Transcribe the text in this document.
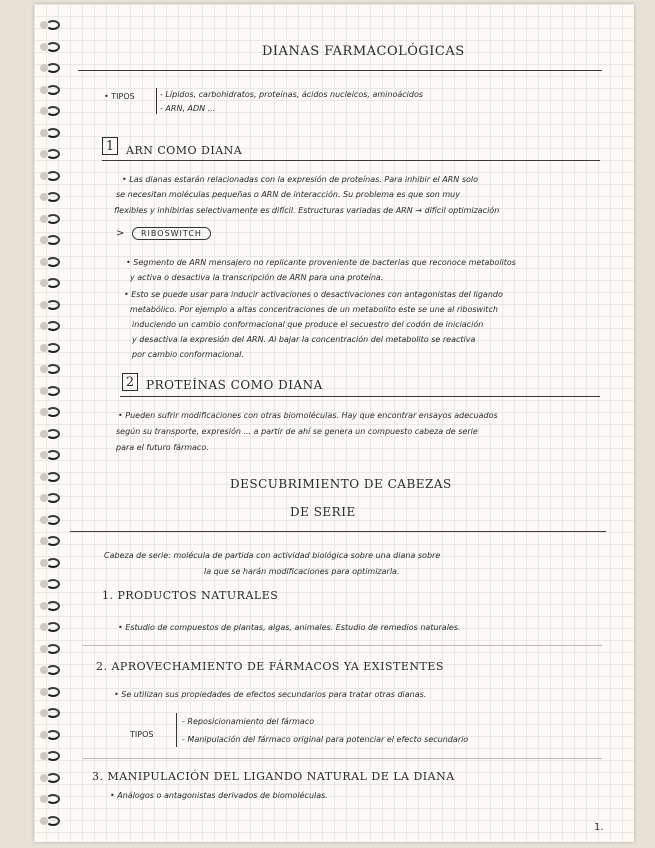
DIANAS FARMACOLÓGICAS
• TIPOS	- Lípidos, carbohidratos, proteínas, ácidos nucleicos, aminoácidos
- ARN, ADN ...
1	ARN COMO DIANA
• Las dianas estarán relacionadas con la expresión de proteínas. Para inhibir el ARN solo
se necesitan moléculas pequeñas o ARN de interacción. Su problema es que son muy
flexibles y inhibirlas selectivamente es difícil. Estructuras variadas de ARN → difícil optimización
>	RIBOSWITCH
• Segmento de ARN mensajero no replicante proveniente de bacterias que reconoce metabolitos
y activa o desactiva la transcripción de ARN para una proteína.
• Esto se puede usar para inducir activaciones o desactivaciones con antagonistas del ligando
metabólico. Por ejemplo a altas concentraciones de un metabolito este se une al riboswitch
induciendo un cambio conformacional que produce el secuestro del codón de iniciación
y desactiva la expresión del ARN. Al bajar la concentración del metabolito se reactiva
por cambio conformacional.
2 PROTEÍNAS COMO DIANA
• Pueden sufrir modificaciones con otras biomoléculas. Hay que encontrar ensayos adecuados
según su transporte, expresión ... a partir de ahí se genera un compuesto cabeza de serie
para el futuro fármaco.
DESCUBRIMIENTO DE CABEZAS
DE SERIE
Cabeza de serie: molécula de partida con actividad biológica sobre una diana sobre
la que se harán modificaciones para optimizarla.
1. PRODUCTOS NATURALES
• Estudio de compuestos de plantas, algas, animales. Estudio de remedios naturales.
2. APROVECHAMIENTO DE FÁRMACOS YA EXISTENTES
• Se utilizan sus propiedades de efectos secundarios para tratar otras dianas.
TIPOS
- Reposicionamiento del fármaco
- Manipulación del fármaco original para potenciar el efecto secundario
3. MANIPULACIÓN DEL LIGANDO NATURAL DE LA DIANA
• Análogos o antagonistas derivados de biomoléculas.
1.
